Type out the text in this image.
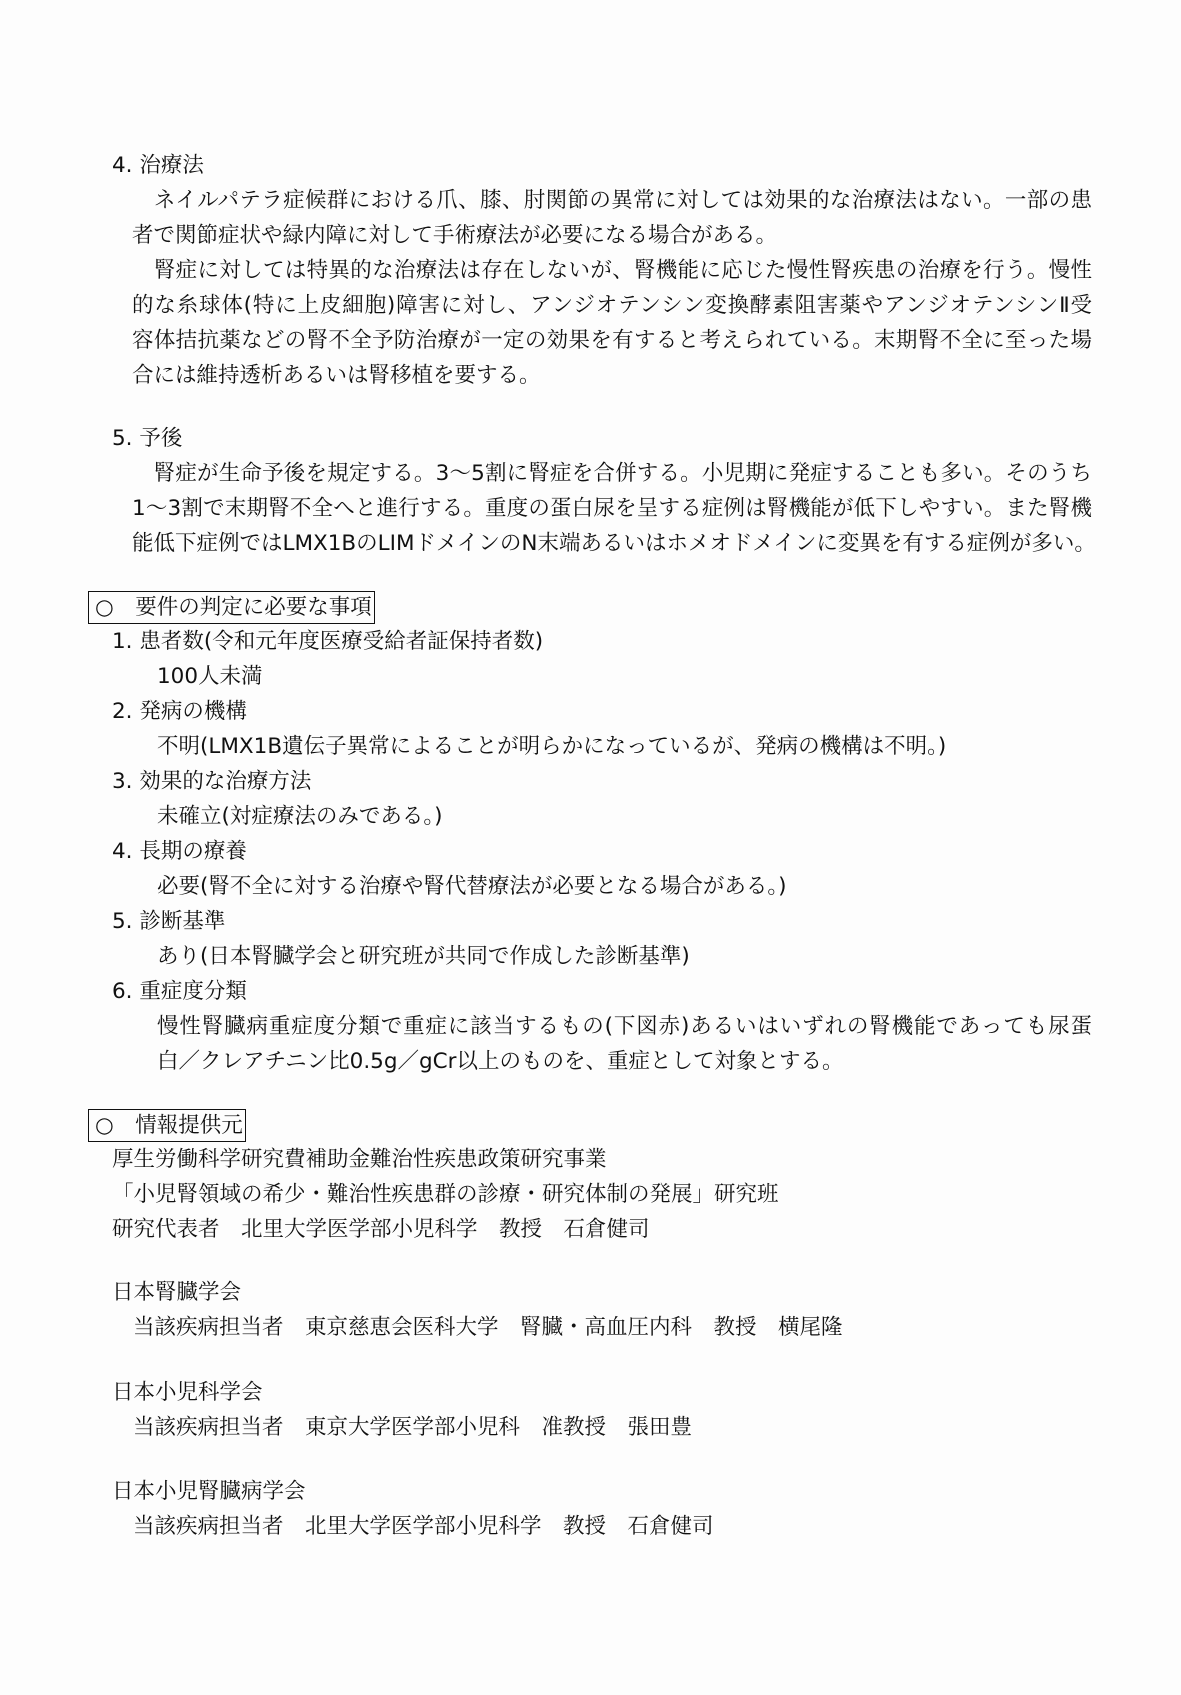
4. 治療法
　ネイルパテラ症候群における爪、膝、肘関節の異常に対しては効果的な治療法はない。一部の患
者で関節症状や緑内障に対して手術療法が必要になる場合がある。
　腎症に対しては特異的な治療法は存在しないが、腎機能に応じた慢性腎疾患の治療を行う。慢性
的な糸球体(特に上皮細胞)障害に対し、アンジオテンシン変換酵素阻害薬やアンジオテンシンⅡ受
容体拮抗薬などの腎不全予防治療が一定の効果を有すると考えられている。末期腎不全に至った場
合には維持透析あるいは腎移植を要する。
5. 予後
　腎症が生命予後を規定する。3～5割に腎症を合併する。小児期に発症することも多い。そのうち
1～3割で末期腎不全へと進行する。重度の蛋白尿を呈する症例は腎機能が低下しやすい。また腎機
能低下症例ではLMX1BのLIMドメインのN末端あるいはホメオドメインに変異を有する症例が多い。
○　要件の判定に必要な事項
1. 患者数(令和元年度医療受給者証保持者数)
100人未満
2. 発病の機構
不明(LMX1B遺伝子異常によることが明らかになっているが、発病の機構は不明。)
3. 効果的な治療方法
未確立(対症療法のみである。)
4. 長期の療養
必要(腎不全に対する治療や腎代替療法が必要となる場合がある。)
5. 診断基準
あり(日本腎臓学会と研究班が共同で作成した診断基準)
6. 重症度分類
慢性腎臓病重症度分類で重症に該当するもの(下図赤)あるいはいずれの腎機能であっても尿蛋
白／クレアチニン比0.5g／gCr以上のものを、重症として対象とする。
○　情報提供元
厚生労働科学研究費補助金難治性疾患政策研究事業
「小児腎領域の希少・難治性疾患群の診療・研究体制の発展」研究班
研究代表者　北里大学医学部小児科学　教授　石倉健司
日本腎臓学会
当該疾病担当者　東京慈恵会医科大学　腎臓・高血圧内科　教授　横尾隆
日本小児科学会
当該疾病担当者　東京大学医学部小児科　准教授　張田豊
日本小児腎臓病学会
当該疾病担当者　北里大学医学部小児科学　教授　石倉健司
